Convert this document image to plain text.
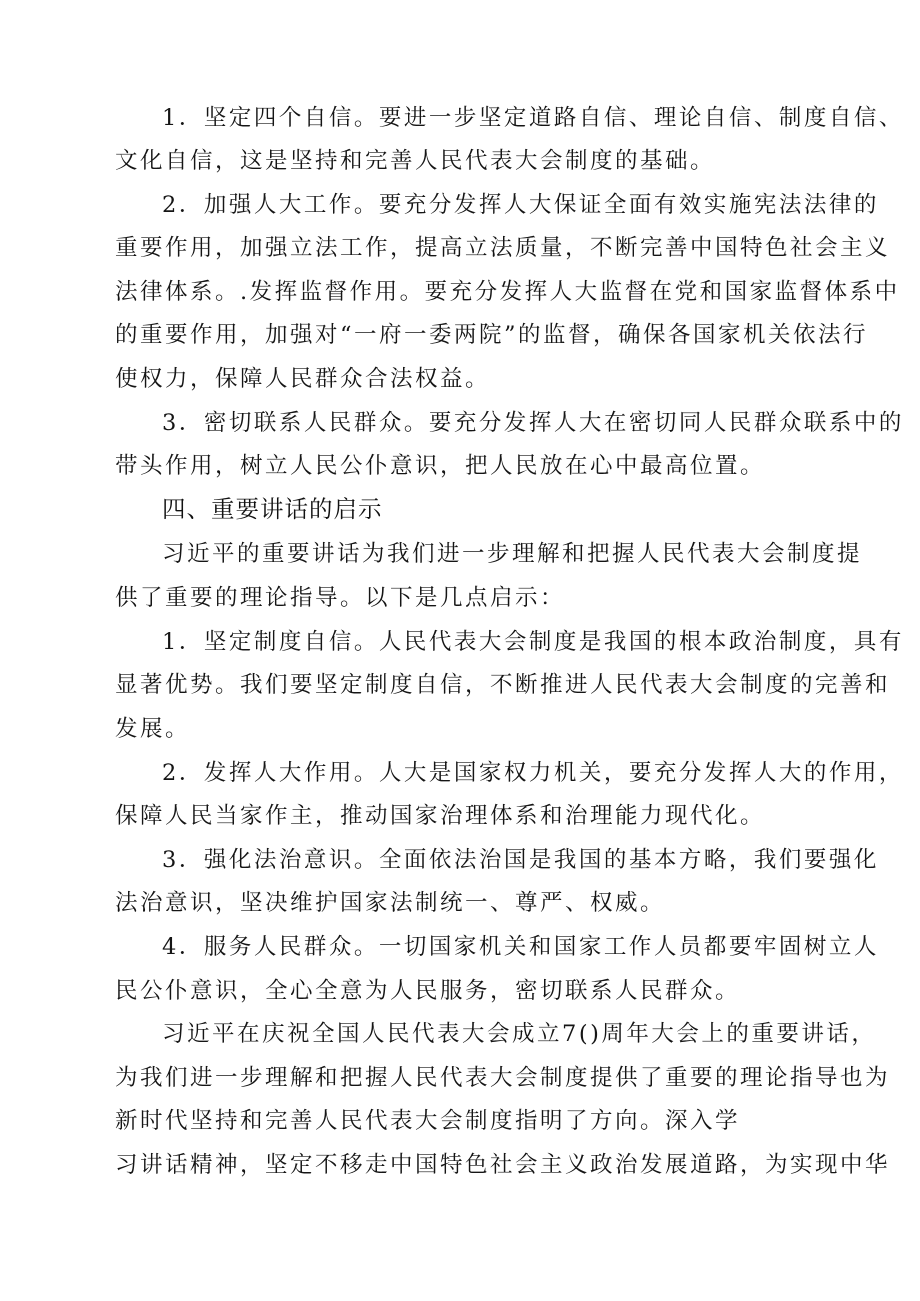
1．坚定四个自信。要进一步坚定道路自信、理论自信、制度自信、
文化自信，这是坚持和完善人民代表大会制度的基础。
2．加强人大工作。要充分发挥人大保证全面有效实施宪法法律的
重要作用，加强立法工作，提高立法质量，不断完善中国特色社会主义
法律体系。.发挥监督作用。要充分发挥人大监督在党和国家监督体系中
的重要作用，加强对“一府一委两院”的监督，确保各国家机关依法行
使权力，保障人民群众合法权益。
3．密切联系人民群众。要充分发挥人大在密切同人民群众联系中的
带头作用，树立人民公仆意识，把人民放在心中最高位置。
四、重要讲话的启示
习近平的重要讲话为我们进一步理解和把握人民代表大会制度提
供了重要的理论指导。以下是几点启示：
1．坚定制度自信。人民代表大会制度是我国的根本政治制度，具有
显著优势。我们要坚定制度自信，不断推进人民代表大会制度的完善和
发展。
2．发挥人大作用。人大是国家权力机关，要充分发挥人大的作用，
保障人民当家作主，推动国家治理体系和治理能力现代化。
3．强化法治意识。全面依法治国是我国的基本方略，我们要强化
法治意识，坚决维护国家法制统一、尊严、权威。
4．服务人民群众。一切国家机关和国家工作人员都要牢固树立人
民公仆意识，全心全意为人民服务，密切联系人民群众。
习近平在庆祝全国人民代表大会成立7()周年大会上的重要讲话，
为我们进一步理解和把握人民代表大会制度提供了重要的理论指导也为
新时代坚持和完善人民代表大会制度指明了方向。深入学
习讲话精神，坚定不移走中国特色社会主义政治发展道路，为实现中华
